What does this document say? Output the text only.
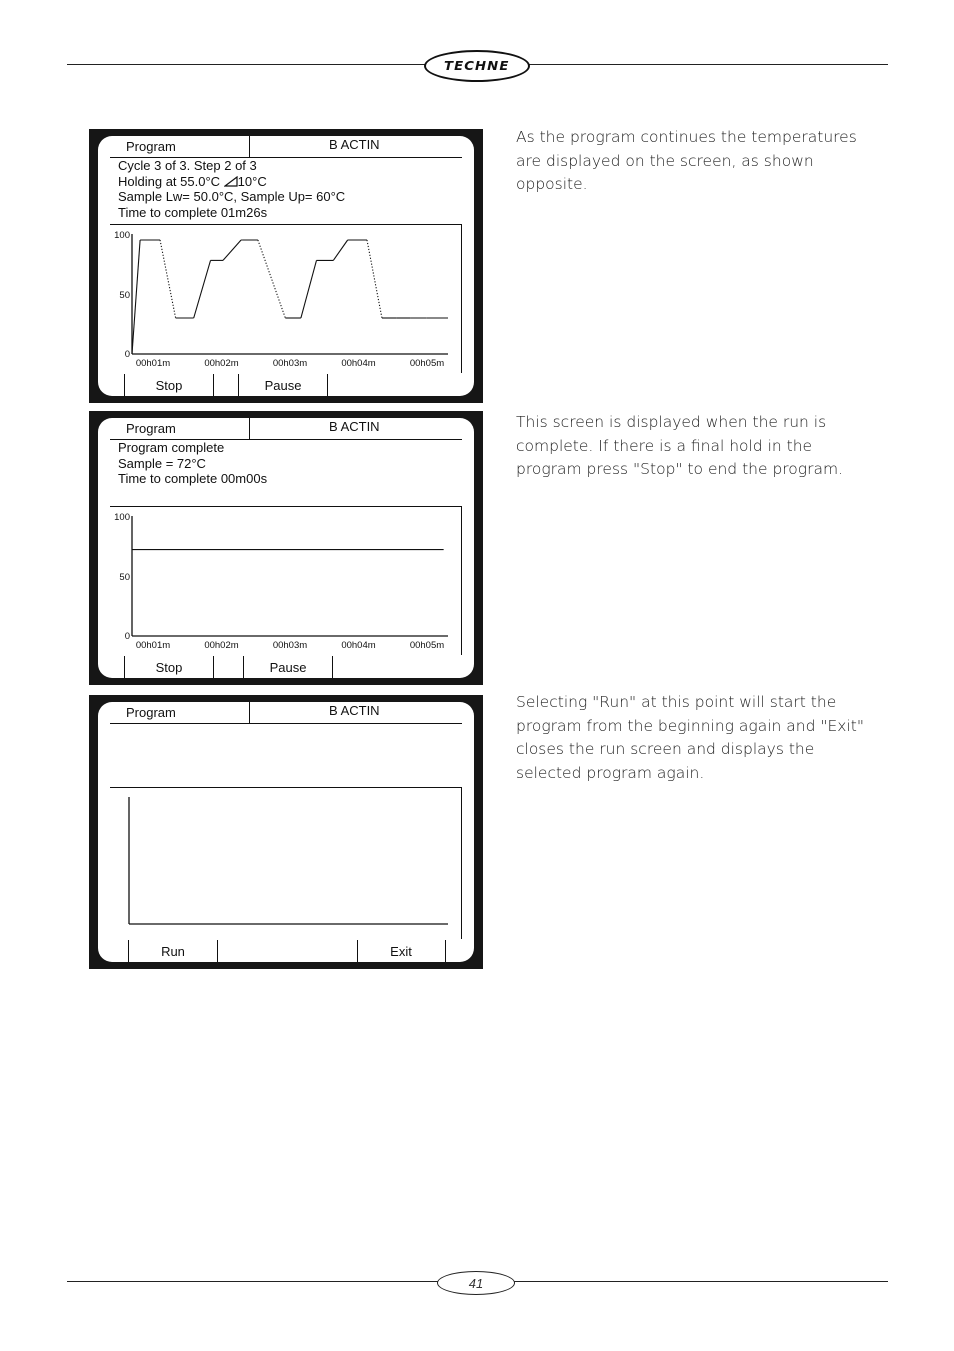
TECHNE
Program	B ACTIN
Cycle 3 of 3. Step 2 of 3
Holding at 55.0°C 10°C
Sample Lw= 50.0°C, Sample Up= 60°C
Time to complete 01m26s
100
50
0
00h01m	00h02m	00h03m	00h04m	00h05m
Stop	Pause
Program	B ACTIN
Program complete
Sample = 72°C
Time to complete 00m00s
100
50
0
00h01m	00h02m	00h03m	00h04m	00h05m
Stop	Pause
Program	B ACTIN
Run	Exit
As the program continues the temperatures are displayed on the screen, as shown opposite.
This screen is displayed when the run is complete. If there is a final hold in the program press "Stop" to end the program.
Selecting "Run" at this point will start the program from the beginning again and "Exit" closes the run screen and displays the selected program again.
41
